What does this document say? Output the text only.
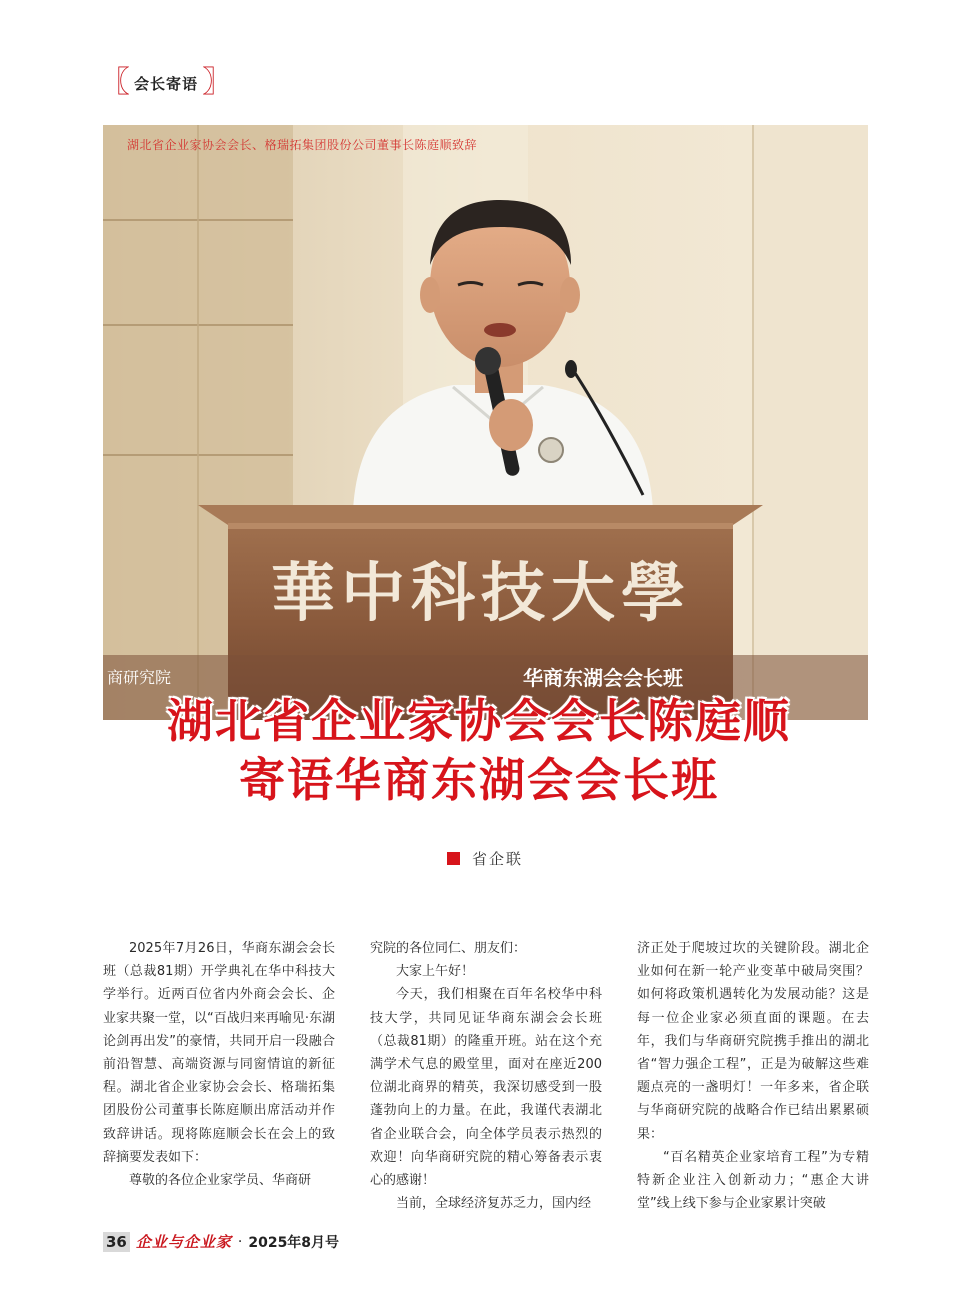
〖 会长寄语 〗
華中科技大學
商研究院	华商东湖会会长班
湖北省企业家协会会长、格瑞拓集团股份公司董事长陈庭顺致辞
湖北省企业家协会会长陈庭顺
寄语华商东湖会会长班
省企联

2025年7月26日，华商东湖会会长班（总裁81期）开学典礼在华中科技大学举行。近两百位省内外商会会长、企业家共聚一堂，以“百战归来再喻见·东湖论剑再出发”的豪情，共同开启一段融合前沿智慧、高端资源与同窗情谊的新征程。湖北省企业家协会会长、格瑞拓集团股份公司董事长陈庭顺出席活动并作致辞讲话。现将陈庭顺会长在会上的致辞摘要发表如下：

尊敬的各位企业家学员、华商研

究院的各位同仁、朋友们：

大家上午好！

今天，我们相聚在百年名校华中科技大学，共同见证华商东湖会会长班（总裁81期）的隆重开班。站在这个充满学术气息的殿堂里，面对在座近200位湖北商界的精英，我深切感受到一股蓬勃向上的力量。在此，我谨代表湖北省企业联合会，向全体学员表示热烈的欢迎！向华商研究院的精心筹备表示衷心的感谢！

当前，全球经济复苏乏力，国内经

济正处于爬坡过坎的关键阶段。湖北企业如何在新一轮产业变革中破局突围？如何将政策机遇转化为发展动能？这是每一位企业家必须直面的课题。在去年，我们与华商研究院携手推出的湖北省“智力强企工程”，正是为破解这些难题点亮的一盏明灯！一年多来，省企联与华商研究院的战略合作已结出累累硕果：

“百名精英企业家培育工程”为专精特新企业注入创新动力；“惠企大讲堂”线上线下参与企业家累计突破

36 企业与企业家 · 2025年8月号
